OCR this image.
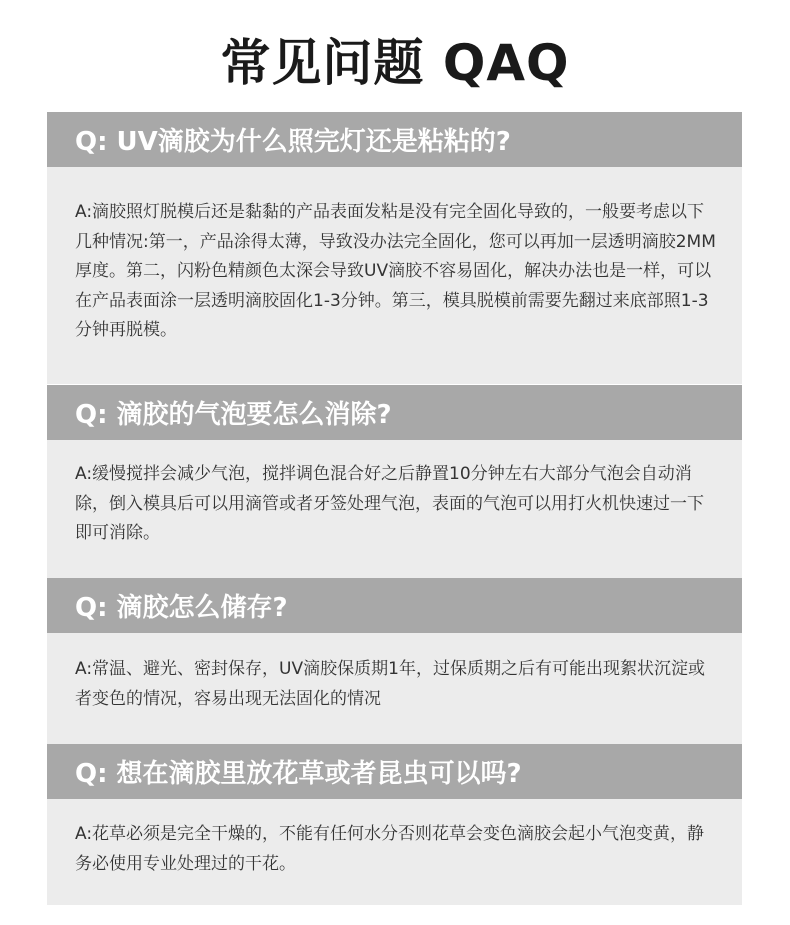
常见问题 QAQ
Q: UV滴胶为什么照完灯还是粘粘的?
A:滴胶照灯脱模后还是黏黏的产品表面发粘是没有完全固化导致的，一般要考虑以下几种情况:第一，产品涂得太薄，导致没办法完全固化，您可以再加一层透明滴胶2MM厚度。第二，闪粉色精颜色太深会导致UV滴胶不容易固化，解决办法也是一样，可以在产品表面涂一层透明滴胶固化1-3分钟。第三，模具脱模前需要先翻过来底部照1-3分钟再脱模。
Q: 滴胶的气泡要怎么消除?
A:缓慢搅拌会减少气泡，搅拌调色混合好之后静置10分钟左右大部分气泡会自动消除，倒入模具后可以用滴管或者牙签处理气泡，表面的气泡可以用打火机快速过一下即可消除。
Q: 滴胶怎么储存?
A:常温、避光、密封保存，UV滴胶保质期1年，过保质期之后有可能出现絮状沉淀或者变色的情况，容易出现无法固化的情况
Q: 想在滴胶里放花草或者昆虫可以吗?
A:花草必须是完全干燥的，不能有任何水分否则花草会变色滴胶会起小气泡变黄，静务必使用专业处理过的干花。
